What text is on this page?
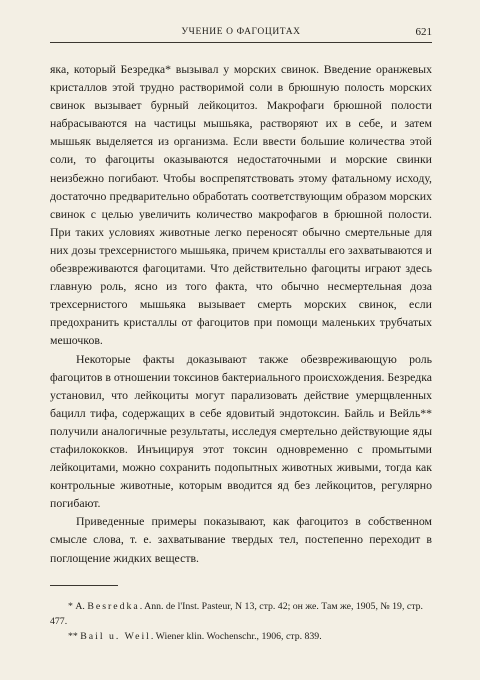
УЧЕНИЕ О ФАГОЦИТАХ	621

яка, который Безредка* вызывал у морских свинок. Введение оранжевых кристаллов этой трудно растворимой соли в брюшную полость морских свинок вызывает бурный лейкоцитоз. Макрофаги брюшной полости набрасываются на частицы мышьяка, растворяют их в себе, и затем мышьяк выделяется из организма. Если ввести большие количества этой соли, то фагоциты оказываются недостаточными и морские свинки неизбежно погибают. Чтобы воспрепятствовать этому фатальному исходу, достаточно предварительно обработать соответствующим образом морских свинок с целью увеличить количество макрофагов в брюшной полости. При таких условиях животные легко переносят обычно смертельные для них дозы трехсернистого мышьяка, причем кристаллы его захватываются и обезвреживаются фагоцитами. Что действительно фагоциты играют здесь главную роль, ясно из того факта, что обычно несмертельная доза трехсернистого мышьяка вызывает смерть морских свинок, если предохранить кристаллы от фагоцитов при помощи маленьких трубчатых мешочков.

Некоторые факты доказывают также обезвреживающую роль фагоцитов в отношении токсинов бактериального происхождения. Безредка установил, что лейкоциты могут парализовать действие умерщвленных бацилл тифа, содержащих в себе ядовитый эндотоксин. Байль и Вейль** получили аналогичные результаты, исследуя смертельно действующие яды стафилококков. Инъицируя этот токсин одновременно с промытыми лейкоцитами, можно сохранить подопытных животных живыми, тогда как контрольные животные, которым вводится яд без лейкоцитов, регулярно погибают.

Приведенные примеры показывают, как фагоцитоз в собственном смысле слова, т. е. захватывание твердых тел, постепенно переходит в поглощение жидких веществ.

* А. Besredka. Ann. de l'Inst. Pasteur, N 13, стр. 42; он же. Там же, 1905, № 19, стр. 477.

** Bail u. Weil. Wiener klin. Wochenschr., 1906, стр. 839.
